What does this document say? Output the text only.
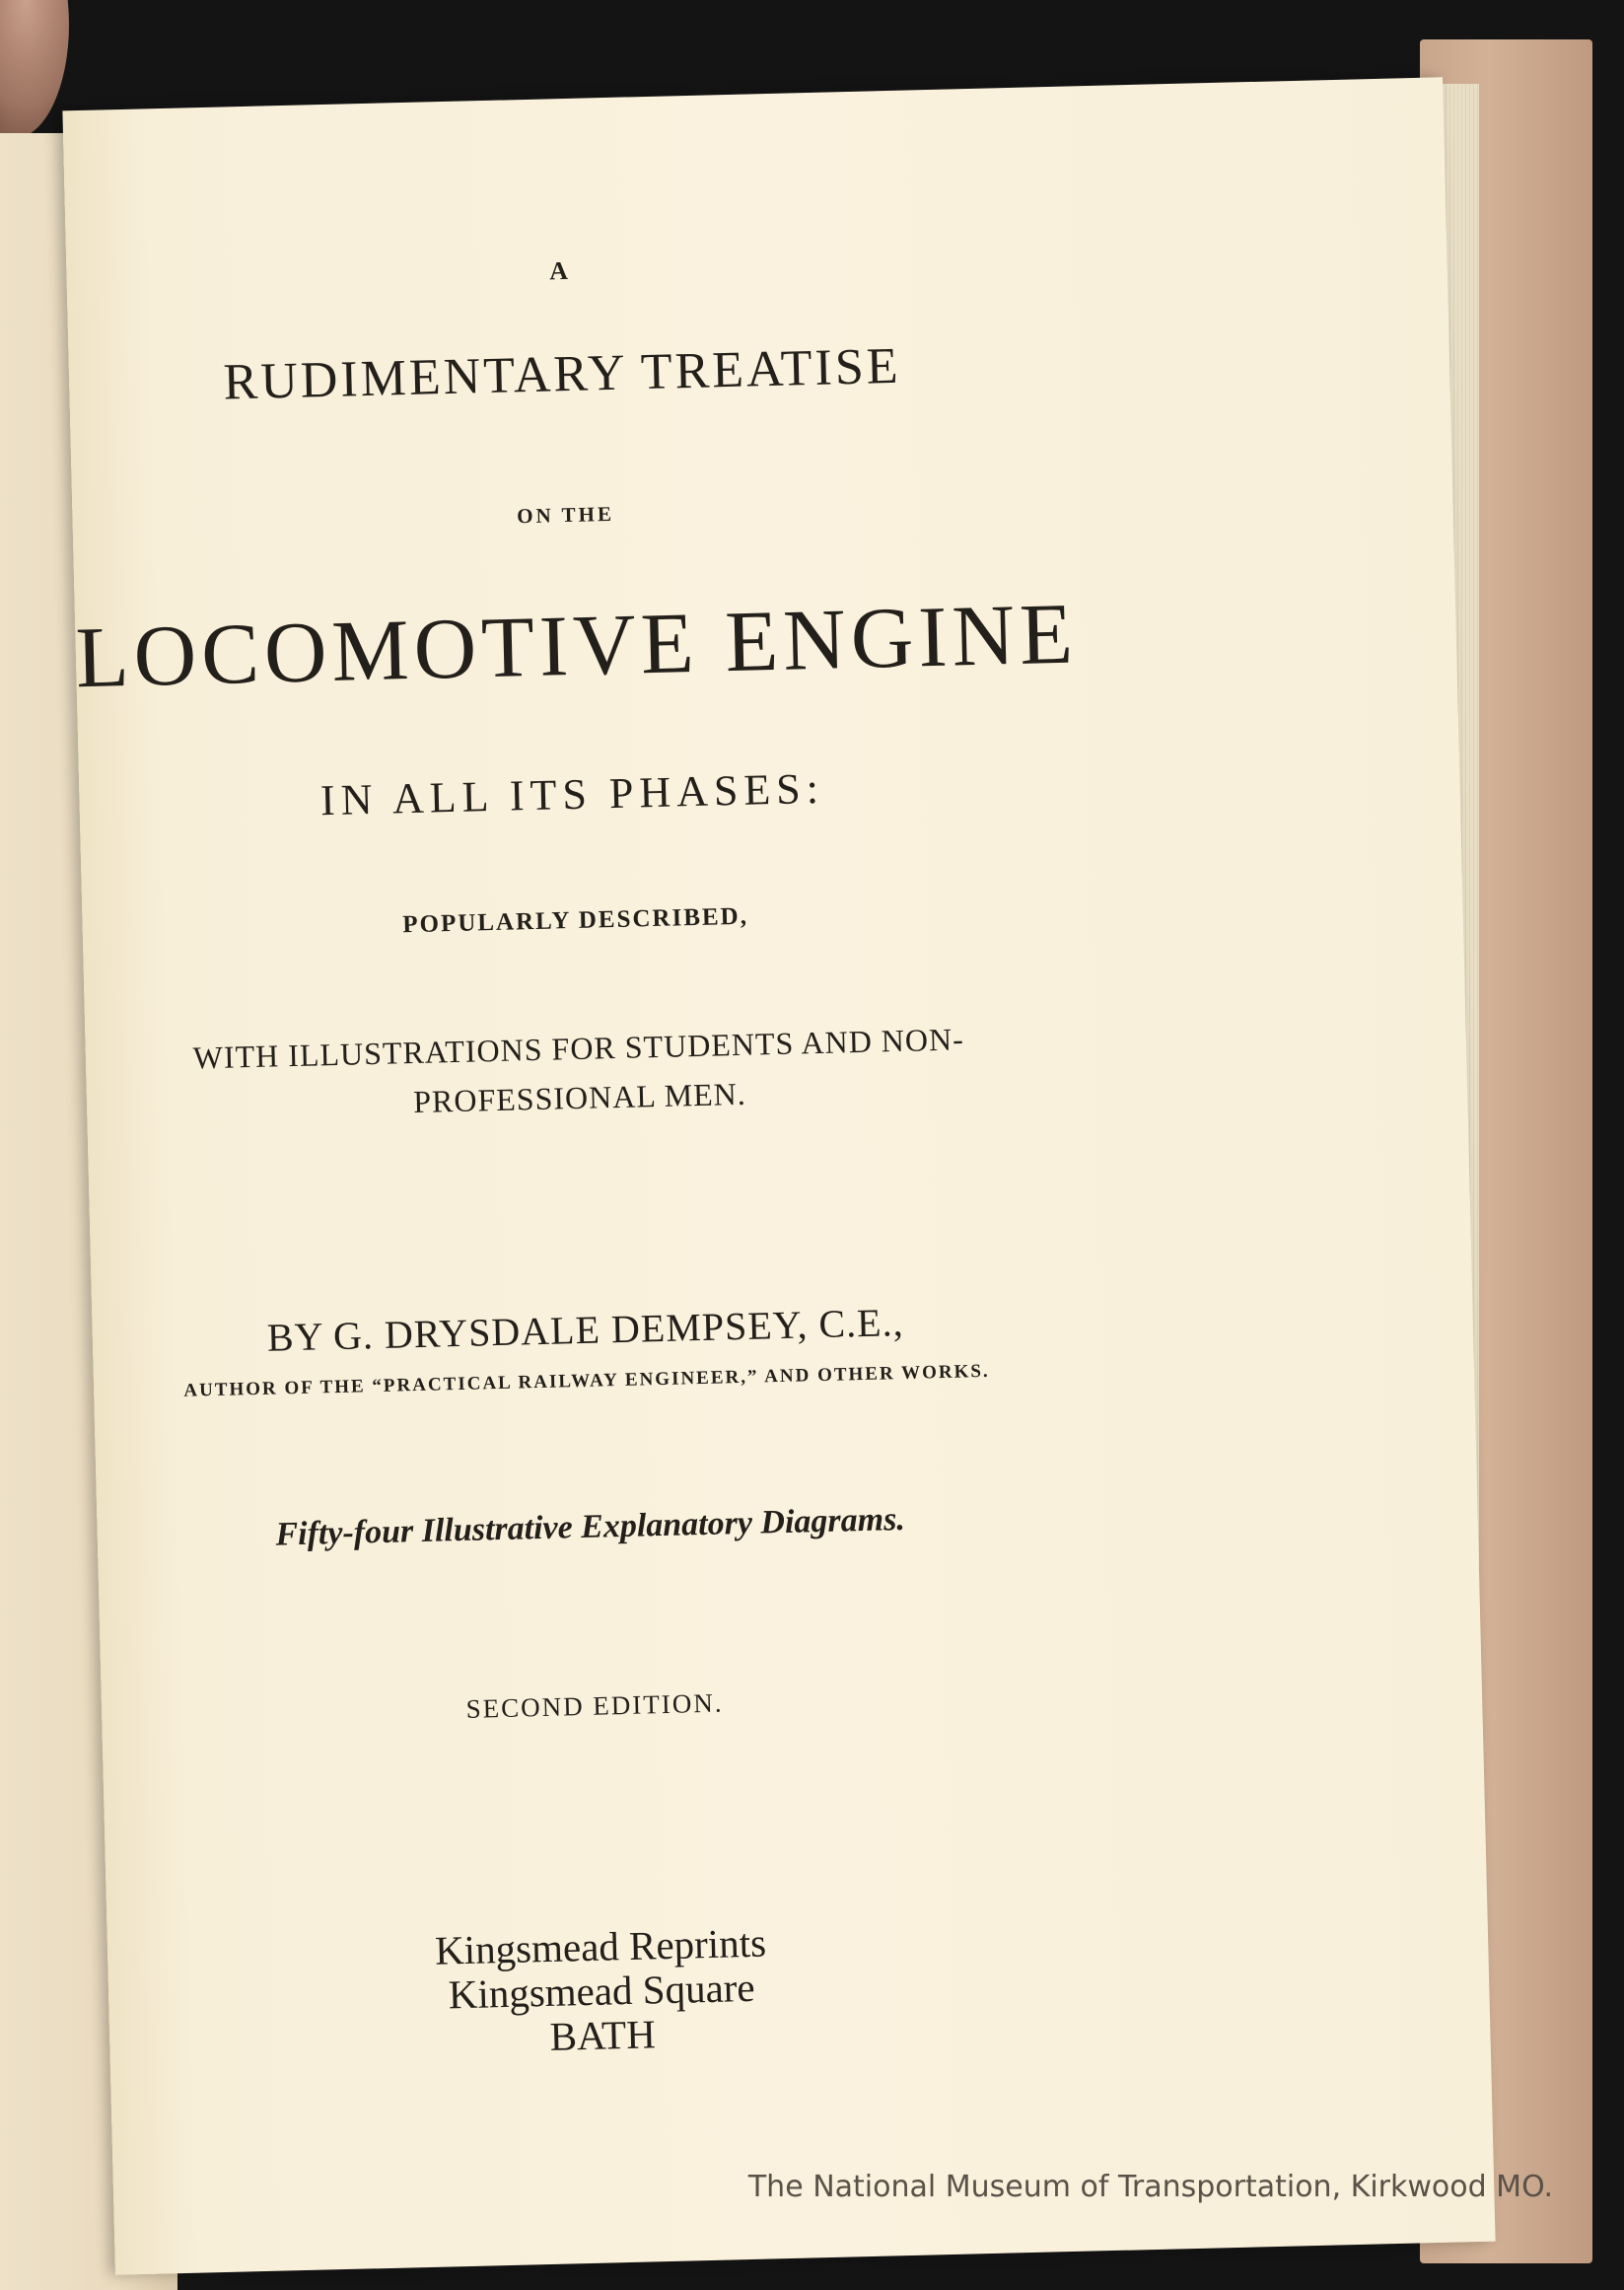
A
RUDIMENTARY TREATISE
ON THE
LOCOMOTIVE ENGINE
IN ALL ITS PHASES:
POPULARLY DESCRIBED,
WITH ILLUSTRATIONS FOR STUDENTS AND NON-
PROFESSIONAL MEN.
BY G. DRYSDALE DEMPSEY, C.E.,
AUTHOR OF THE “PRACTICAL RAILWAY ENGINEER,” AND OTHER WORKS.
Fifty-four Illustrative Explanatory Diagrams.
SECOND EDITION.
Kingsmead Reprints
Kingsmead Square
BATH
The National Museum of Transportation, Kirkwood MO.
